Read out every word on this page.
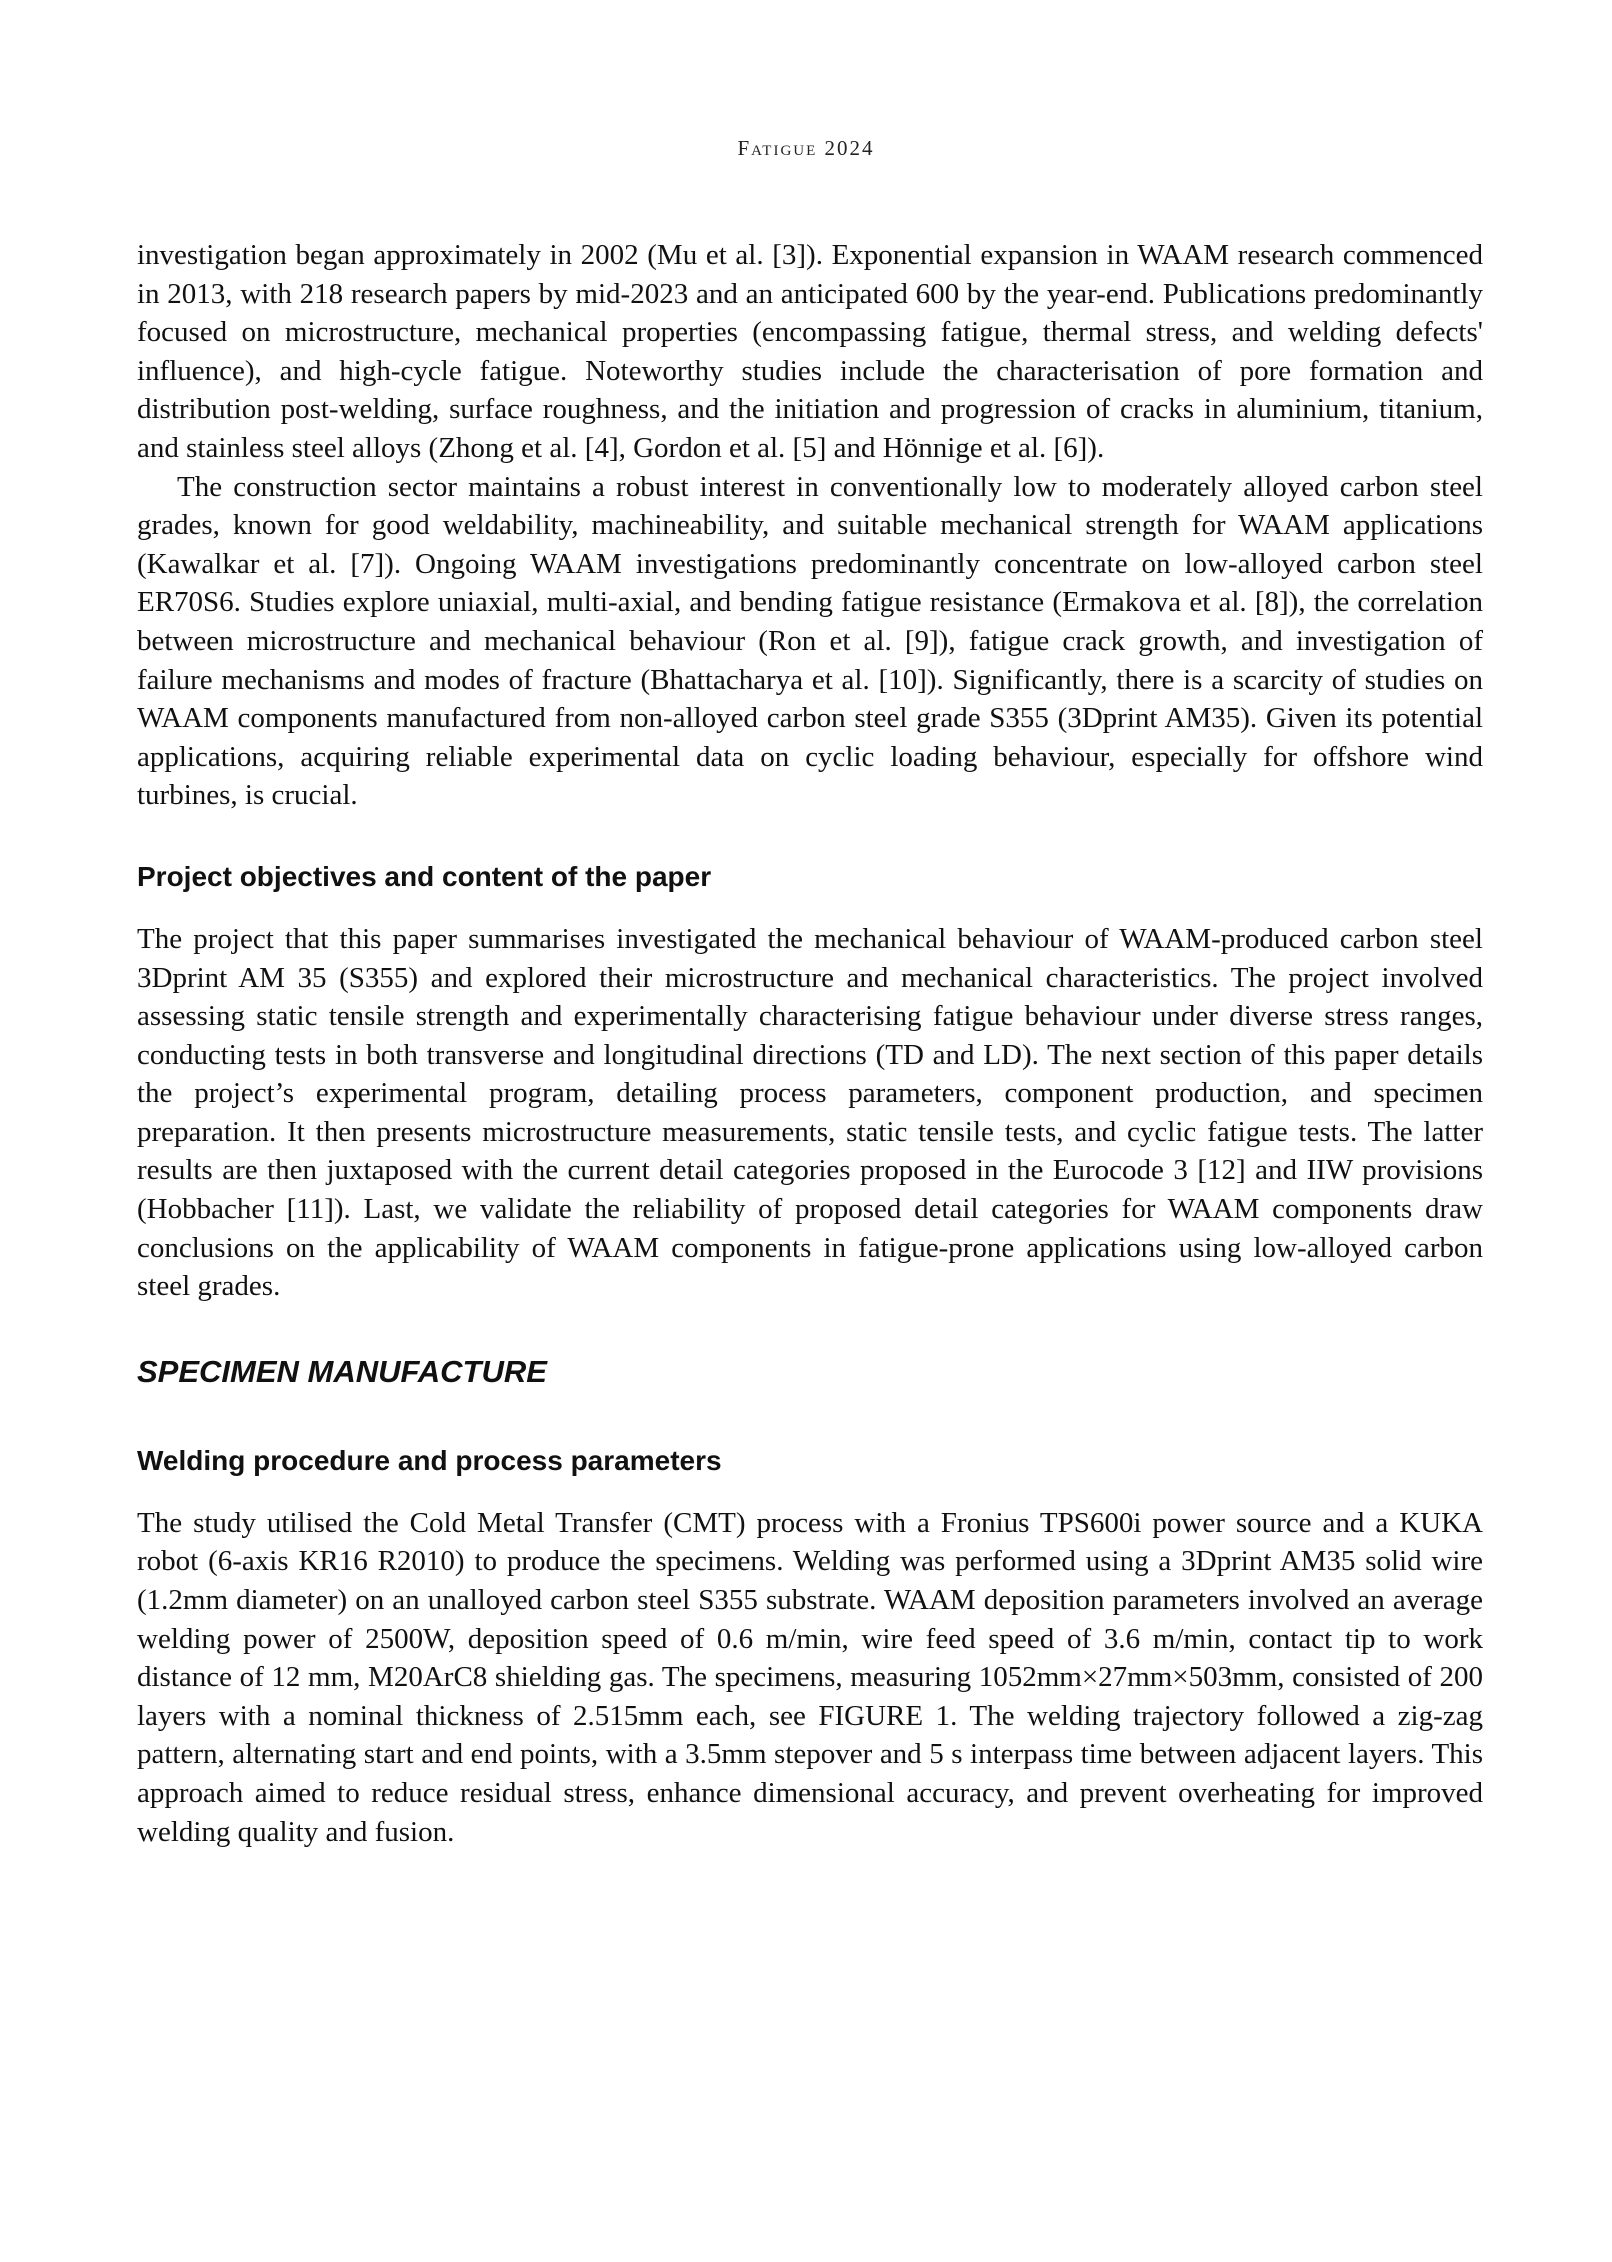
Fatigue 2024

investigation began approximately in 2002 (Mu et al. [3]). Exponential expansion in WAAM research commenced in 2013, with 218 research papers by mid-2023 and an anticipated 600 by the year-end. Publications predominantly focused on microstructure, mechanical properties (encompassing fatigue, thermal stress, and welding defects' influence), and high-cycle fatigue. Noteworthy studies include the characterisation of pore formation and distribution post-welding, surface roughness, and the initiation and progression of cracks in aluminium, titanium, and stainless steel alloys (Zhong et al. [4], Gordon et al. [5] and Hönnige et al. [6]).

The construction sector maintains a robust interest in conventionally low to moderately alloyed carbon steel grades, known for good weldability, machineability, and suitable mechanical strength for WAAM applications (Kawalkar et al. [7]). Ongoing WAAM investigations predominantly concentrate on low-alloyed carbon steel ER70S6. Studies explore uniaxial, multi-axial, and bending fatigue resistance (Ermakova et al. [8]), the correlation between microstructure and mechanical behaviour (Ron et al. [9]), fatigue crack growth, and investigation of failure mechanisms and modes of fracture (Bhattacharya et al. [10]). Significantly, there is a scarcity of studies on WAAM components manufactured from non-alloyed carbon steel grade S355 (3Dprint AM35). Given its potential applications, acquiring reliable experimental data on cyclic loading behaviour, especially for offshore wind turbines, is crucial.

Project objectives and content of the paper

The project that this paper summarises investigated the mechanical behaviour of WAAM-produced carbon steel 3Dprint AM 35 (S355) and explored their microstructure and mechanical characteristics. The project involved assessing static tensile strength and experimentally characterising fatigue behaviour under diverse stress ranges, conducting tests in both transverse and longitudinal directions (TD and LD). The next section of this paper details the project’s experimental program, detailing process parameters, component production, and specimen preparation. It then presents microstructure measurements, static tensile tests, and cyclic fatigue tests. The latter results are then juxtaposed with the current detail categories proposed in the Eurocode 3 [12] and IIW provisions (Hobbacher [11]). Last, we validate the reliability of proposed detail categories for WAAM components draw conclusions on the applicability of WAAM components in fatigue-prone applications using low-alloyed carbon steel grades.

SPECIMEN MANUFACTURE
Welding procedure and process parameters

The study utilised the Cold Metal Transfer (CMT) process with a Fronius TPS600i power source and a KUKA robot (6-axis KR16 R2010) to produce the specimens. Welding was performed using a 3Dprint AM35 solid wire (1.2mm diameter) on an unalloyed carbon steel S355 substrate. WAAM deposition parameters involved an average welding power of 2500W, deposition speed of 0.6 m/min, wire feed speed of 3.6 m/min, contact tip to work distance of 12 mm, M20ArC8 shielding gas. The specimens, measuring 1052mm×27mm×503mm, consisted of 200 layers with a nominal thickness of 2.515mm each, see FIGURE 1. The welding trajectory followed a zig-zag pattern, alternating start and end points, with a 3.5mm stepover and 5 s interpass time between adjacent layers. This approach aimed to reduce residual stress, enhance dimensional accuracy, and prevent overheating for improved welding quality and fusion.
